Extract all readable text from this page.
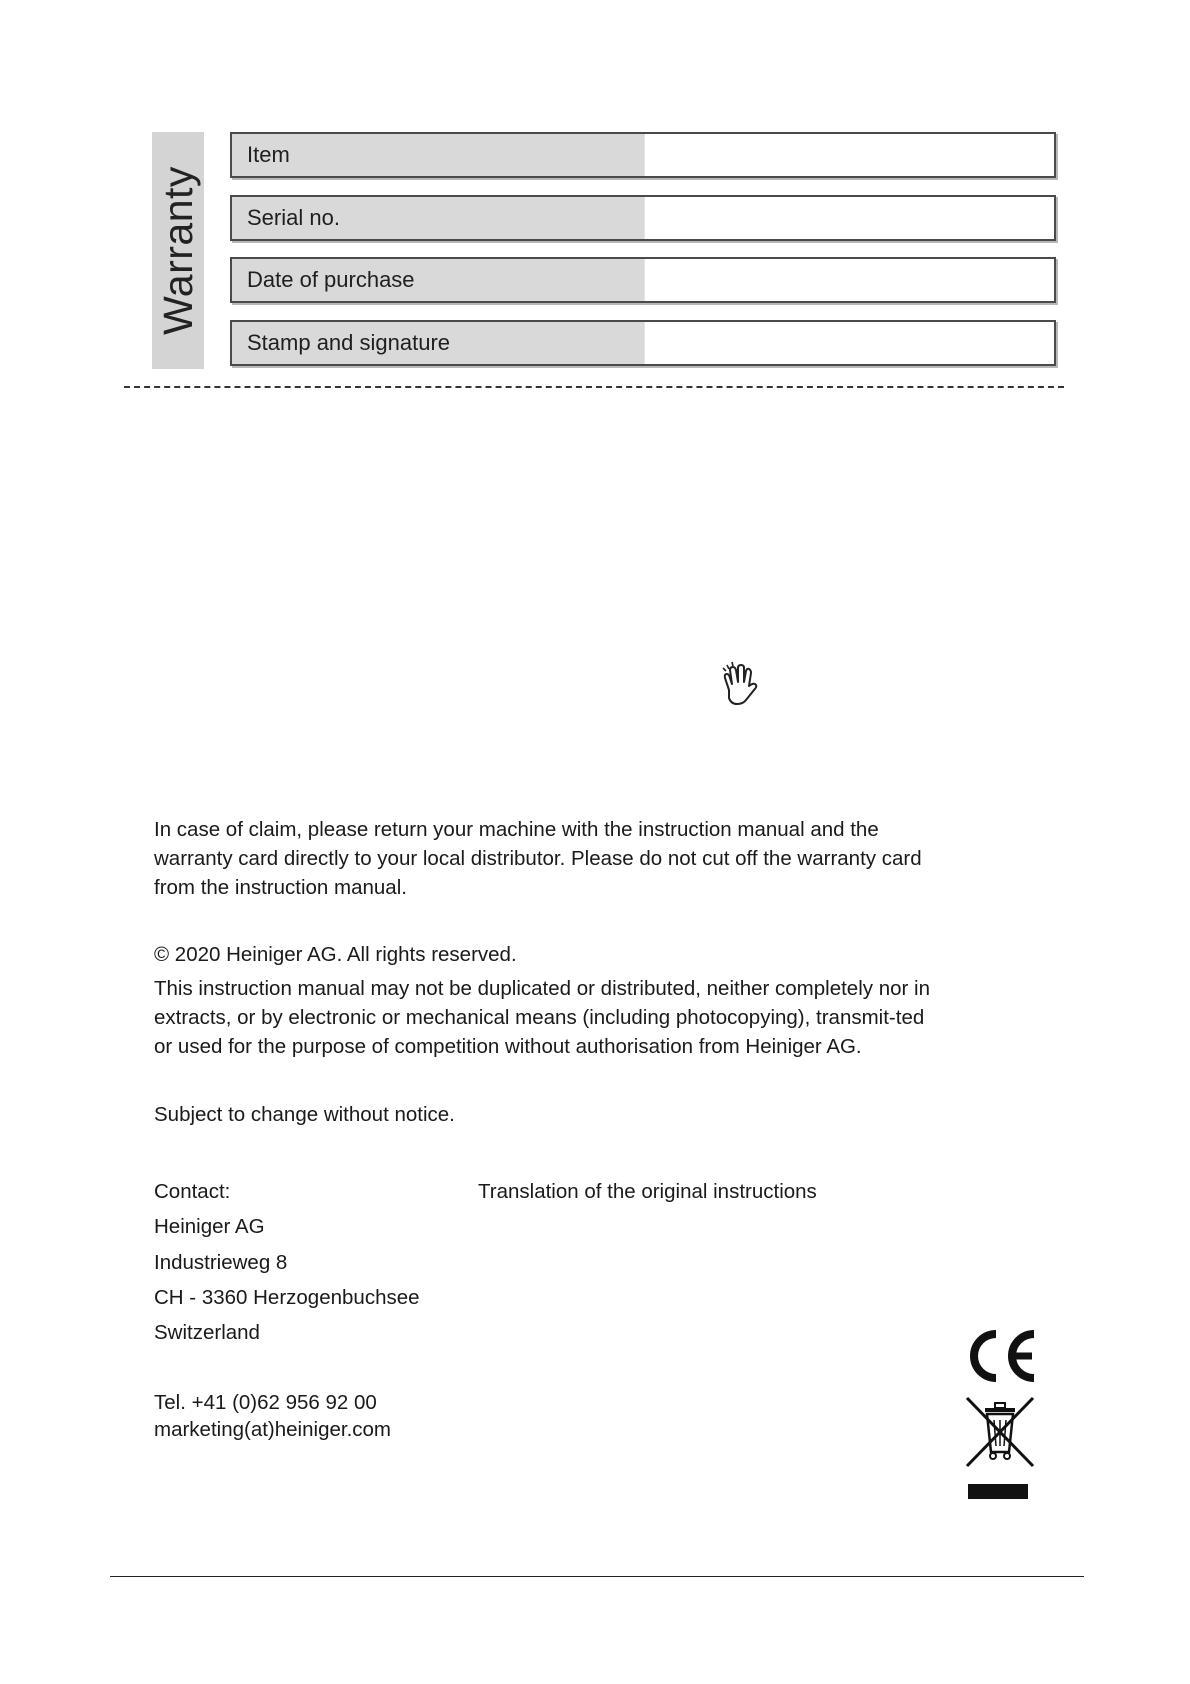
Warranty
Item
Serial no.
Date of purchase
Stamp and signature
In case of claim, please return your machine with the instruction manual and the warranty card directly to your local distributor. Please do not cut off the warranty card from the instruction manual.
© 2020 Heiniger AG. All rights reserved.
This instruction manual may not be duplicated or distributed, neither completely nor in extracts, or by electronic or mechanical means (including photocopying), transmit-ted or used for the purpose of competition without authorisation from Heiniger AG.
Subject to change without notice.
Contact:
Heiniger AG
Industrieweg 8
CH - 3360 Herzogenbuchsee
Switzerland
Tel. +41 (0)62 956 92 00
marketing(at)heiniger.com
Translation of the original instructions
